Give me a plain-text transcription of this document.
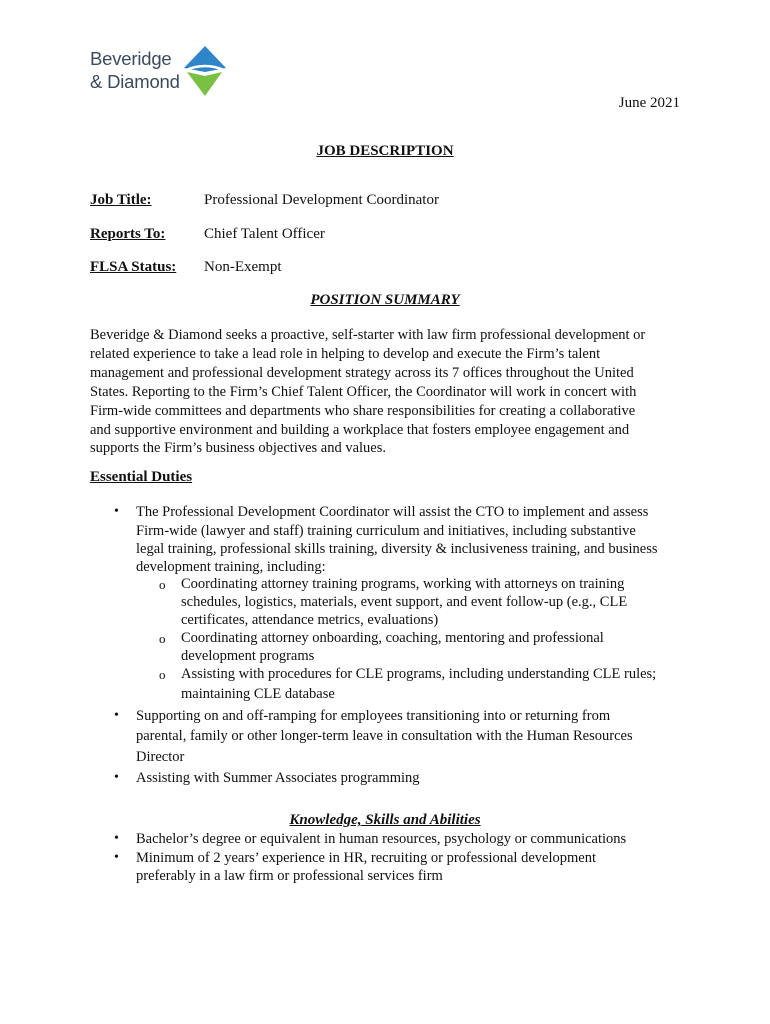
Beveridge
& Diamond
June 2021
JOB DESCRIPTION
Job Title:	Professional Development Coordinator
Reports To:	Chief Talent Officer
FLSA Status: Non-Exempt
POSITION SUMMARY
Beveridge & Diamond seeks a proactive, self-starter with law firm professional development or
related experience to take a lead role in helping to develop and execute the Firm’s talent
management and professional development strategy across its 7 offices throughout the United
States. Reporting to the Firm’s Chief Talent Officer, the Coordinator will work in concert with
Firm-wide committees and departments who share responsibilities for creating a collaborative
and supportive environment and building a workplace that fosters employee engagement and
supports the Firm’s business objectives and values.
Essential Duties
• The Professional Development Coordinator will assist the CTO to implement and assess
Firm-wide (lawyer and staff) training curriculum and initiatives, including substantive
legal training, professional skills training, diversity & inclusiveness training, and business
development training, including:
o Coordinating attorney training programs, working with attorneys on training
schedules, logistics, materials, event support, and event follow-up (e.g., CLE
certificates, attendance metrics, evaluations)
o Coordinating attorney onboarding, coaching, mentoring and professional
development programs
o Assisting with procedures for CLE programs, including understanding CLE rules;
maintaining CLE database
• Supporting on and off-ramping for employees transitioning into or returning from
parental, family or other longer-term leave in consultation with the Human Resources
Director
• Assisting with Summer Associates programming
Knowledge, Skills and Abilities
• Bachelor’s degree or equivalent in human resources, psychology or communications
• Minimum of 2 years’ experience in HR, recruiting or professional development
preferably in a law firm or professional services firm
